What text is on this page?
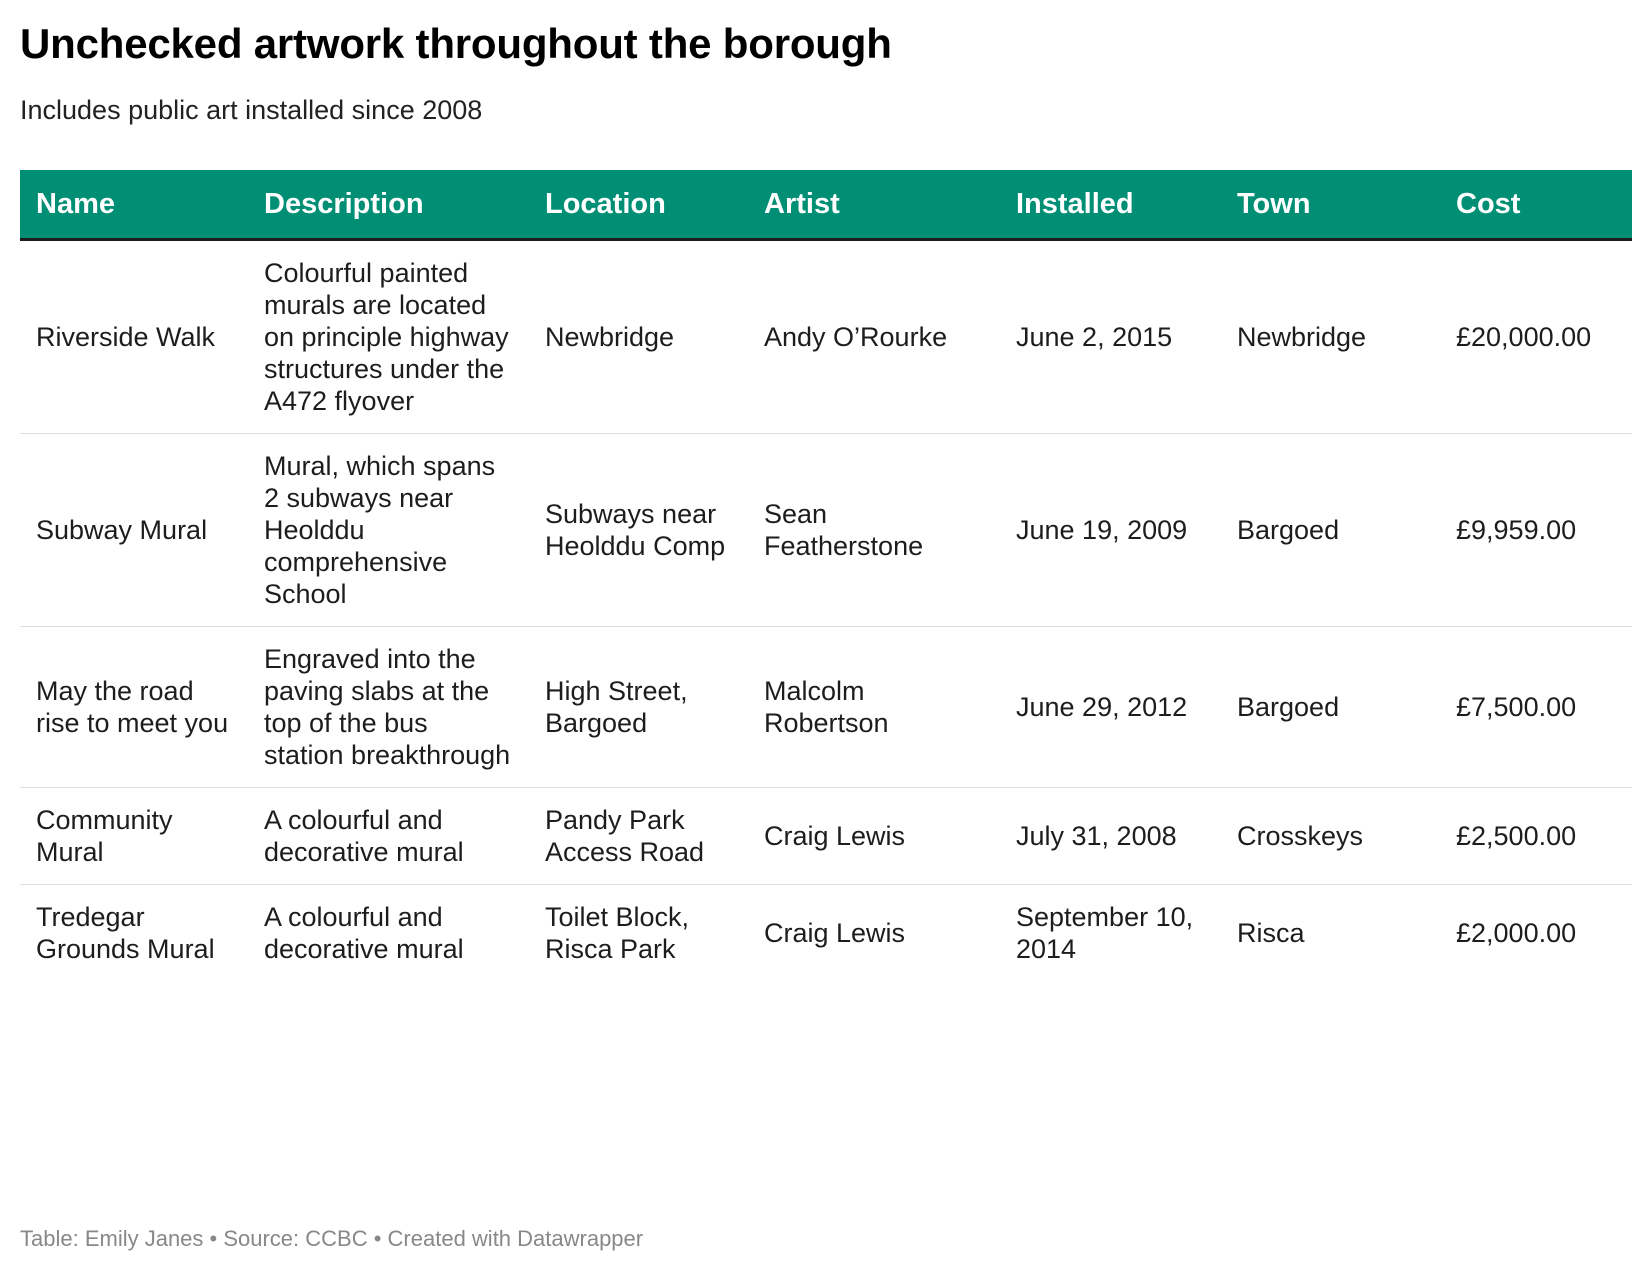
Unchecked artwork throughout the borough
Includes public art installed since 2008
Name	Description	Location	Artist	Installed	Town	Cost
Riverside Walk	Colourful painted murals are located on principle highway structures under the A472 flyover	Newbridge	Andy O’Rourke	June 2, 2015	Newbridge	£20,000.00
Subway Mural	Mural, which spans 2 subways near Heolddu comprehensive School	Subways near Heolddu Comp	Sean Featherstone	June 19, 2009	Bargoed	£9,959.00
May the road rise to meet you	Engraved into the paving slabs at the top of the bus station breakthrough	High Street, Bargoed	Malcolm Robertson	June 29, 2012	Bargoed	£7,500.00
Community Mural	A colourful and decorative mural	Pandy Park Access Road	Craig Lewis	July 31, 2008	Crosskeys	£2,500.00
Tredegar Grounds Mural	A colourful and decorative mural	Toilet Block, Risca Park	Craig Lewis	September 10, 2014	Risca	£2,000.00
Table: Emily Janes • Source: CCBC • Created with Datawrapper
